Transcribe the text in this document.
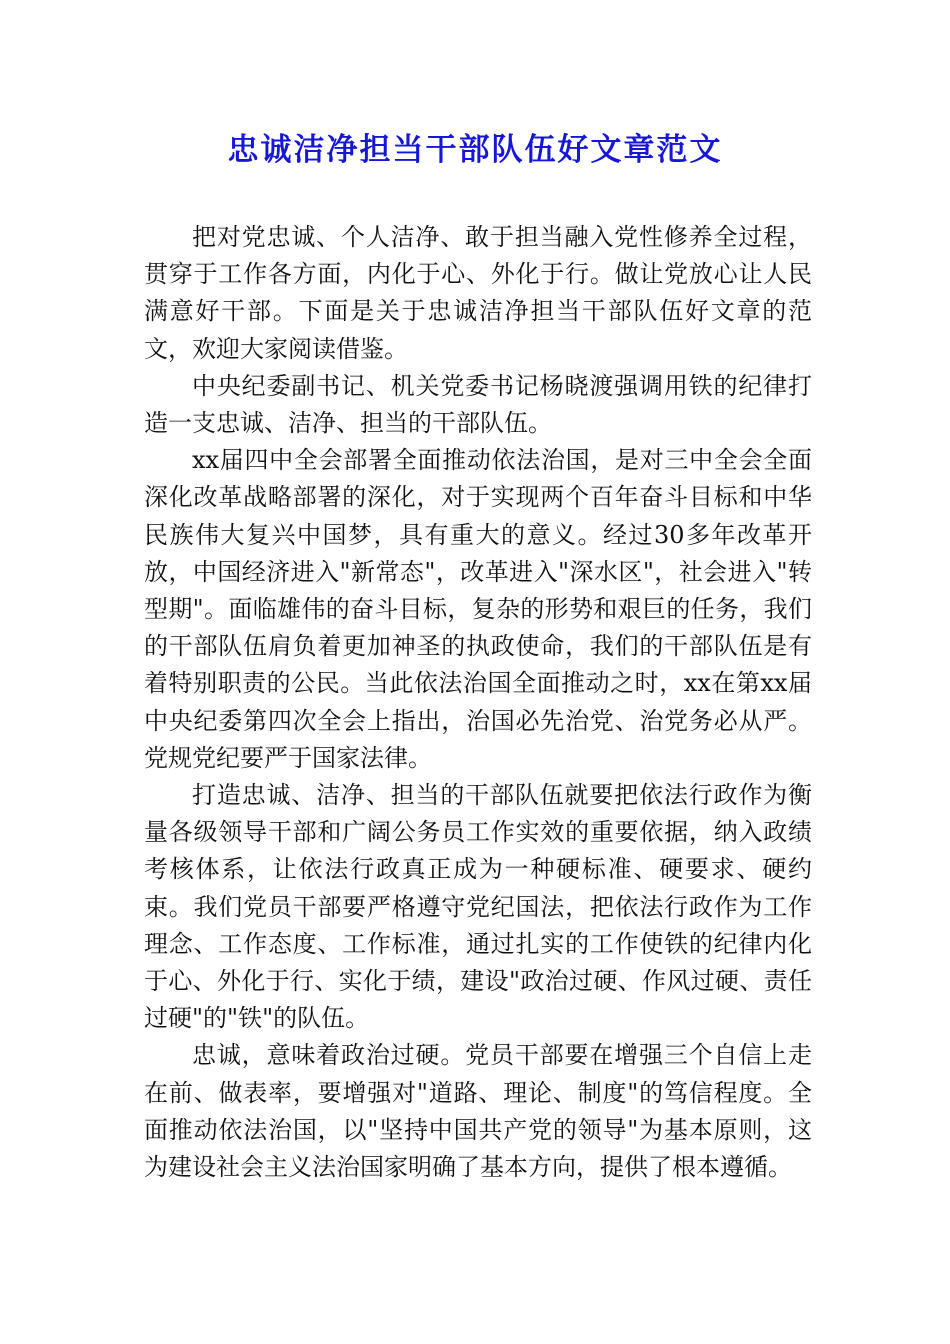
忠诚洁净担当干部队伍好文章范文

把对党忠诚、个人洁净、敢于担当融入党性修养全过程，贯穿于工作各方面，内化于心、外化于行。做让党放心让人民满意好干部。下面是关于忠诚洁净担当干部队伍好文章的范文，欢迎大家阅读借鉴。

中央纪委副书记、机关党委书记杨晓渡强调用铁的纪律打造一支忠诚、洁净、担当的干部队伍。

xx届四中全会部署全面推动依法治国，是对三中全会全面深化改革战略部署的深化，对于实现两个百年奋斗目标和中华民族伟大复兴中国梦，具有重大的意义。经过30多年改革开放，中国经济进入"新常态"，改革进入"深水区"，社会进入"转型期"。面临雄伟的奋斗目标，复杂的形势和艰巨的任务，我们的干部队伍肩负着更加神圣的执政使命，我们的干部队伍是有着特别职责的公民。当此依法治国全面推动之时，xx在第xx届中央纪委第四次全会上指出，治国必先治党、治党务必从严。党规党纪要严于国家法律。

打造忠诚、洁净、担当的干部队伍就要把依法行政作为衡量各级领导干部和广阔公务员工作实效的重要依据，纳入政绩考核体系，让依法行政真正成为一种硬标准、硬要求、硬约束。我们党员干部要严格遵守党纪国法，把依法行政作为工作理念、工作态度、工作标准，通过扎实的工作使铁的纪律内化于心、外化于行、实化于绩，建设"政治过硬、作风过硬、责任过硬"的"铁"的队伍。

忠诚，意味着政治过硬。党员干部要在增强三个自信上走在前、做表率，要增强对"道路、理论、制度"的笃信程度。全面推动依法治国，以"坚持中国共产党的领导"为基本原则，这为建设社会主义法治国家明确了基本方向，提供了根本遵循。
